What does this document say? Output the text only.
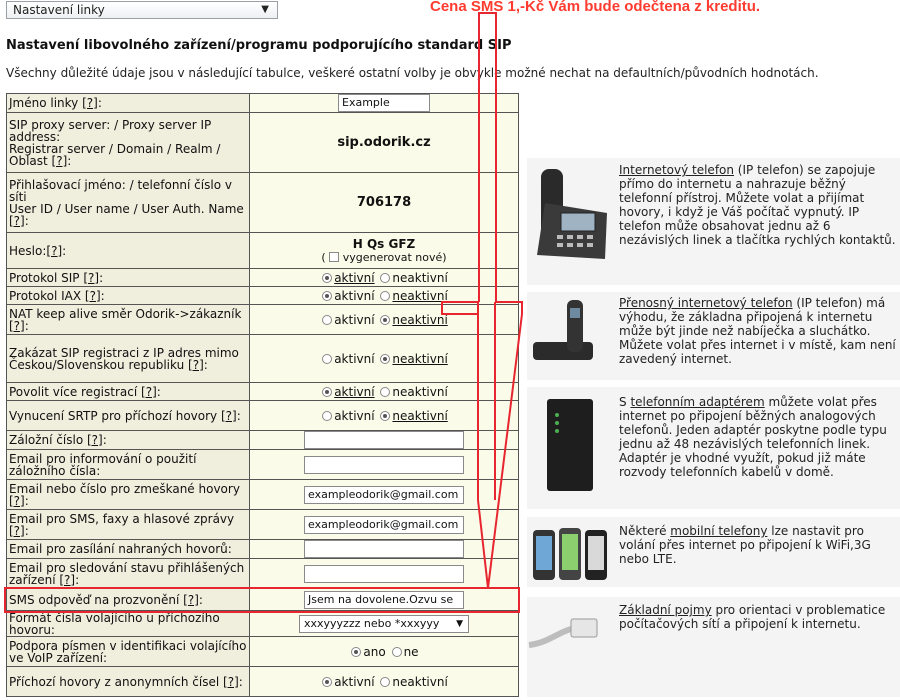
Nastavení linky	▼	Cena SMS 1,-Kč Vám bude odečtena z kreditu.
Nastavení libovolného zařízení/programu podporujícího standard SIP

Všechny důležité údaje jsou v následující tabulce, veškeré ostatní volby je obvykle možné nechat na defaultních/původních hodnotách.

Jméno linky [?]:	Example
SIP proxy server: / Proxy server IP address:
Registrar server / Domain / Realm / Oblast [?]:	sip.odorik.cz
Přihlašovací jméno: / telefonní číslo v síti
User ID / User name / User Auth. Name [?]:	706178
Heslo:[?]:	H Qs GFZ
(  vygenerovat nové)

Protokol SIP [?]:	aktivní neaktivní
Protokol IAX [?]:	aktivní neaktivní
NAT keep alive směr Odorik->zákazník [?]:	aktivní neaktivní
Zakázat SIP registraci z IP adres mimo Českou/Slovenskou republiku [?]:	aktivní neaktivní
Povolit více registrací [?]:	aktivní neaktivní
Vynucení SRTP pro příchozí hovory [?]:	aktivní neaktivní
Záložní číslo [?]:	
Email pro informování o použití záložního čísla:	
Email nebo číslo pro zmeškané hovory [?]:	exampleodorik@gmail.com
Email pro SMS, faxy a hlasové zprávy [?]:	exampleodorik@gmail.com
Email pro zasílání nahraných hovorů:	
Email pro sledování stavu přihlášených zařízení [?]:	
SMS odpověď na prozvonění [?]:	Jsem na dovolene.Ozvu se
Formát čísla volajícího u příchozího hovoru:	xxxyyyzzz nebo *xxxyyy ▼

Podpora písmen v identifikaci volajícího ve VoIP zařízení:	ano ne
Příchozí hovory z anonymních čísel [?]:	aktivní neaktivní

Internetový telefon (IP telefon) se zapojuje přímo do internetu a nahrazuje běžný telefonní přístroj. Můžete volat a přijímat hovory, i když je Váš počítač vypnutý. IP telefon může obsahovat jednu až 6 nezávislých linek a tlačítka rychlých kontaktů.

Přenosný internetový telefon (IP telefon) má výhodu, že základna připojená k internetu může být jinde než nabíječka a sluchátko. Můžete volat přes internet i v místě, kam není zavedený internet.

S telefonním adaptérem můžete volat přes internet po připojení běžných analogových telefonů. Jeden adaptér poskytne podle typu jednu až 48 nezávislých telefonních linek. Adaptér je vhodné využít, pokud již máte rozvody telefonních kabelů v domě.

Některé mobilní telefony lze nastavit pro volání přes internet po připojení k WiFi,3G nebo LTE.

Základní pojmy pro orientaci v problematice počítačových sítí a připojení k internetu.
